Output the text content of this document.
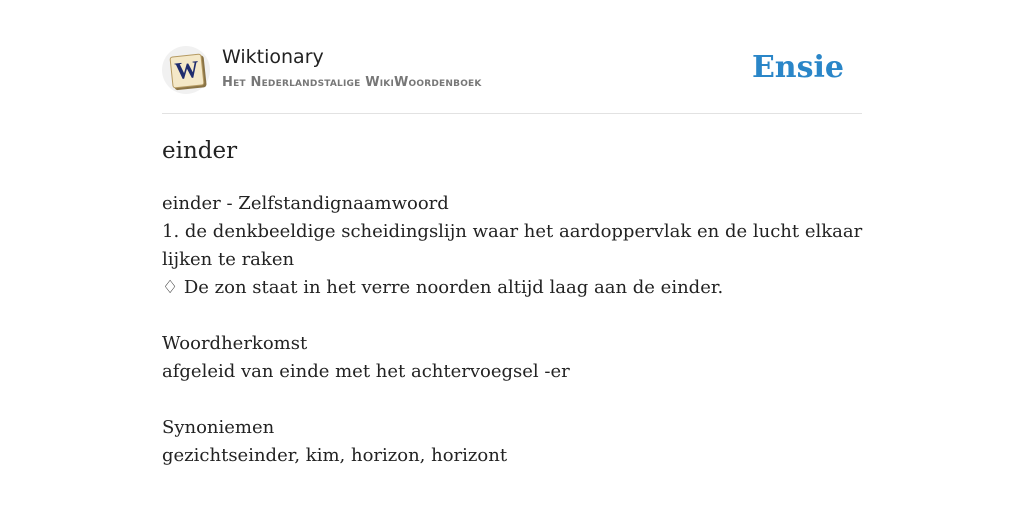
W Wiktionary
Het Nederlandstalige WikiWoordenboek	Ensie
einder
einder - Zelfstandignaamwoord
1. de denkbeeldige scheidingslijn waar het aardoppervlak en de lucht elkaar
lijken te raken
♢ De zon staat in het verre noorden altijd laag aan de einder.
Woordherkomst
afgeleid van einde met het achtervoegsel -er
Synoniemen
gezichtseinder, kim, horizon, horizont
